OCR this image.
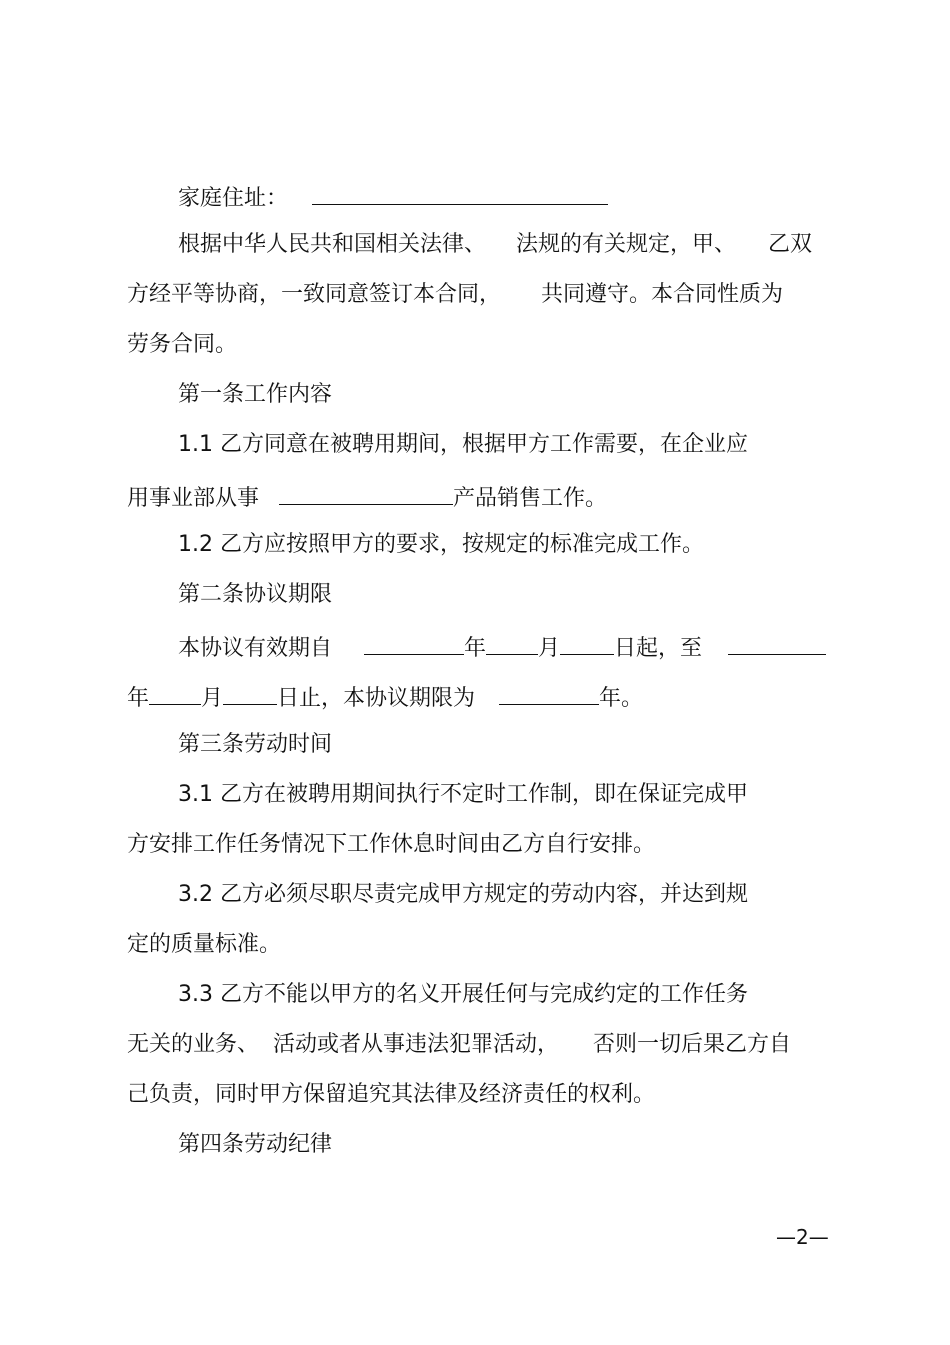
家庭住址：
根据中华人民共和国相关法律、 法规的有关规定，甲、 乙双
方经平等协商，一致同意签订本合同， 共同遵守。本合同性质为
劳务合同。
第一条工作内容
1.1 乙方同意在被聘用期间，根据甲方工作需要，在企业应
用事业部从事	产品销售工作。
1.2 乙方应按照甲方的要求，按规定的标准完成工作。
第二条协议期限
本协议有效期自	年 月 日起，至
年 月 日止，本协议期限为	年。
第三条劳动时间
3.1 乙方在被聘用期间执行不定时工作制，即在保证完成甲
方安排工作任务情况下工作休息时间由乙方自行安排。
3.2 乙方必须尽职尽责完成甲方规定的劳动内容，并达到规
定的质量标准。
3.3 乙方不能以甲方的名义开展任何与完成约定的工作任务
无关的业务、 活动或者从事违法犯罪活动， 否则一切后果乙方自
己负责，同时甲方保留追究其法律及经济责任的权利。
第四条劳动纪律
—2—
